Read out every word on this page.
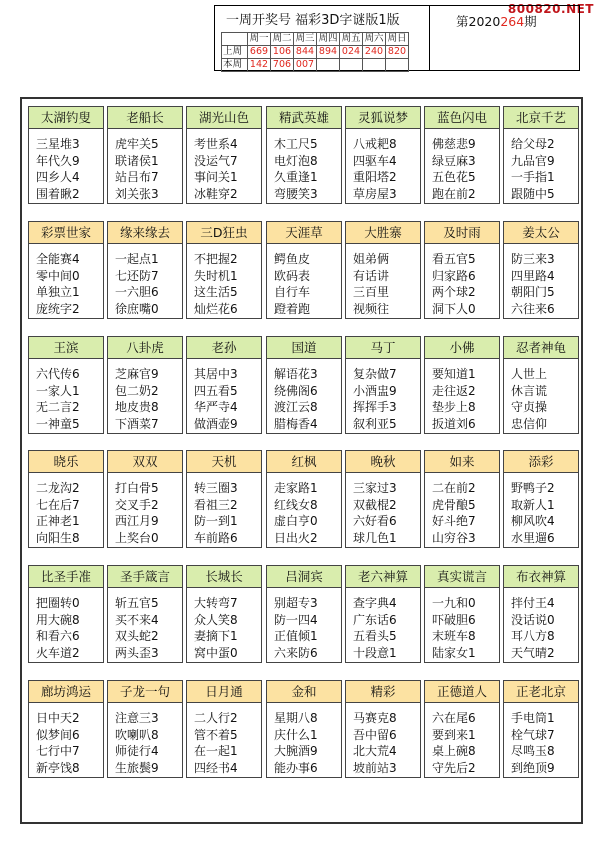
800820.NET
一周开奖号 福彩3D字谜版1版
	周一	周二	周三	周四	周五	周六	周日
上周	669	106	844	894	024	240	820
本周	142	706	007				
第2020264期
太湖钓叟
三星堆3
年代久9
四乡人4
围着瞅2
老船长
虎牢关5
联诸侯1
站吕布7
刘关张3
湖光山色
考世系4
没运气7
事问关1
冰鞋穿2
精武英雄
木工尺5
电灯泡8
久重逢1
弯腰笑3
灵狐说梦
八戒耙8
四驱车4
重阳塔2
草房屋3
蓝色闪电
佛慈悲9
绿豆麻3
五色花5
跑在前2
北京千艺
给父母2
九品官9
一手指1
跟随中5
彩票世家
全能赛4
零中间0
单独立1
庞统字2
缘来缘去
一起点1
七还防7
一六胆6
徐庶嘴0
三D狂虫
不把握2
失时机1
这生活5
灿烂花6
天涯草
鳄鱼皮
欧码表
自行车
蹬着跑
大胜寨
姐弟俩
有话讲
三百里
视频往
及时雨
看五官5
归家路6
两个球2
洞下人0
姜太公
防三来3
四里路4
朝阳门5
六往来6
王滨
六代传6
一家人1
无二言2
一神童5
八卦虎
芝麻官9
包二奶2
地皮贵8
下酒菜7
老孙
其居中3
四五看5
华严寺4
做酒壶9
国道
解语花3
绕佛阁6
渡江云8
腊梅香4
马丁
复杂做7
小酒盅9
挥挥手3
叙利亚5
小佛
要知道1
走往返2
垫步上8
扳道刘6
忍者神龟
人世上
休言谎
守贞操
忠信仰
晓乐
二龙沟2
七在后7
正神老1
向阳生8
双双
打白骨5
交叉手2
西江月9
上奖台0
天机
转三圈3
看祖三2
防一到1
车前路6
红枫
走家路1
红线女8
虚白亨0
日出火2
晚秋
三家过3
双截棍2
六好看6
球几色1
如来
二在前2
虎骨酿5
好斗绝7
山穷谷3
添彩
野鸭子2
取新人1
柳风吹4
水里遛6
比圣手准
把圈转0
用大碗8
和看六6
火车道2
圣手箴言
斩五官5
买不来4
双头蛇2
两头歪3
长城长
大转弯7
众人笑8
妻摘下1
窝中蛋0
吕洞宾
别超专3
防一四4
正值倾1
六来防6
老六神算
查字典4
广东话6
五看头5
十段意1
真实谎言
一九和0
吓破胆6
末班车8
陆家女1
布衣神算
拌付王4
没话说0
耳八方8
天气晴2
廊坊鸿运
日中天2
似梦间6
七行中7
新亭饯8
子龙一句
注意三3
吹喇叭8
师徒行4
生旅鬓9
日月通
二人行2
管不着5
在一起1
四经书4
金和
星期八8
庆什么1
大腕酒9
能办事6
精彩
马赛克8
吾中留6
北大荒4
坡前站3
正德道人
六在尾6
要到来1
桌上碗8
守先后2
正老北京
手电筒1
栓气球7
尽鸣玉8
到绝顶9
